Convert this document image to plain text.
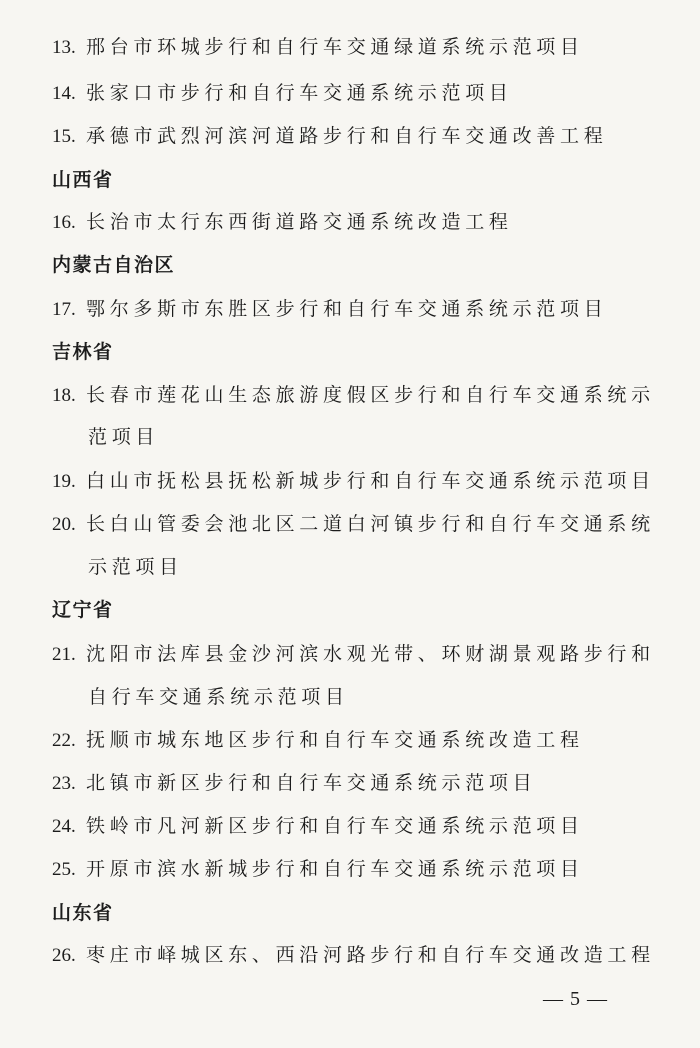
13. 邢台市环城步行和自行车交通绿道系统示范项目
14. 张家口市步行和自行车交通系统示范项目
15. 承德市武烈河滨河道路步行和自行车交通改善工程
山西省
16. 长治市太行东西街道路交通系统改造工程
内蒙古自治区
17. 鄂尔多斯市东胜区步行和自行车交通系统示范项目
吉林省
18. 长春市莲花山生态旅游度假区步行和自行车交通系统示
范项目
19. 白山市抚松县抚松新城步行和自行车交通系统示范项目
20. 长白山管委会池北区二道白河镇步行和自行车交通系统
示范项目
辽宁省
21. 沈阳市法库县金沙河滨水观光带、环财湖景观路步行和
自行车交通系统示范项目
22. 抚顺市城东地区步行和自行车交通系统改造工程
23. 北镇市新区步行和自行车交通系统示范项目
24. 铁岭市凡河新区步行和自行车交通系统示范项目
25. 开原市滨水新城步行和自行车交通系统示范项目
山东省
26. 枣庄市峄城区东、西沿河路步行和自行车交通改造工程
— 5 —
